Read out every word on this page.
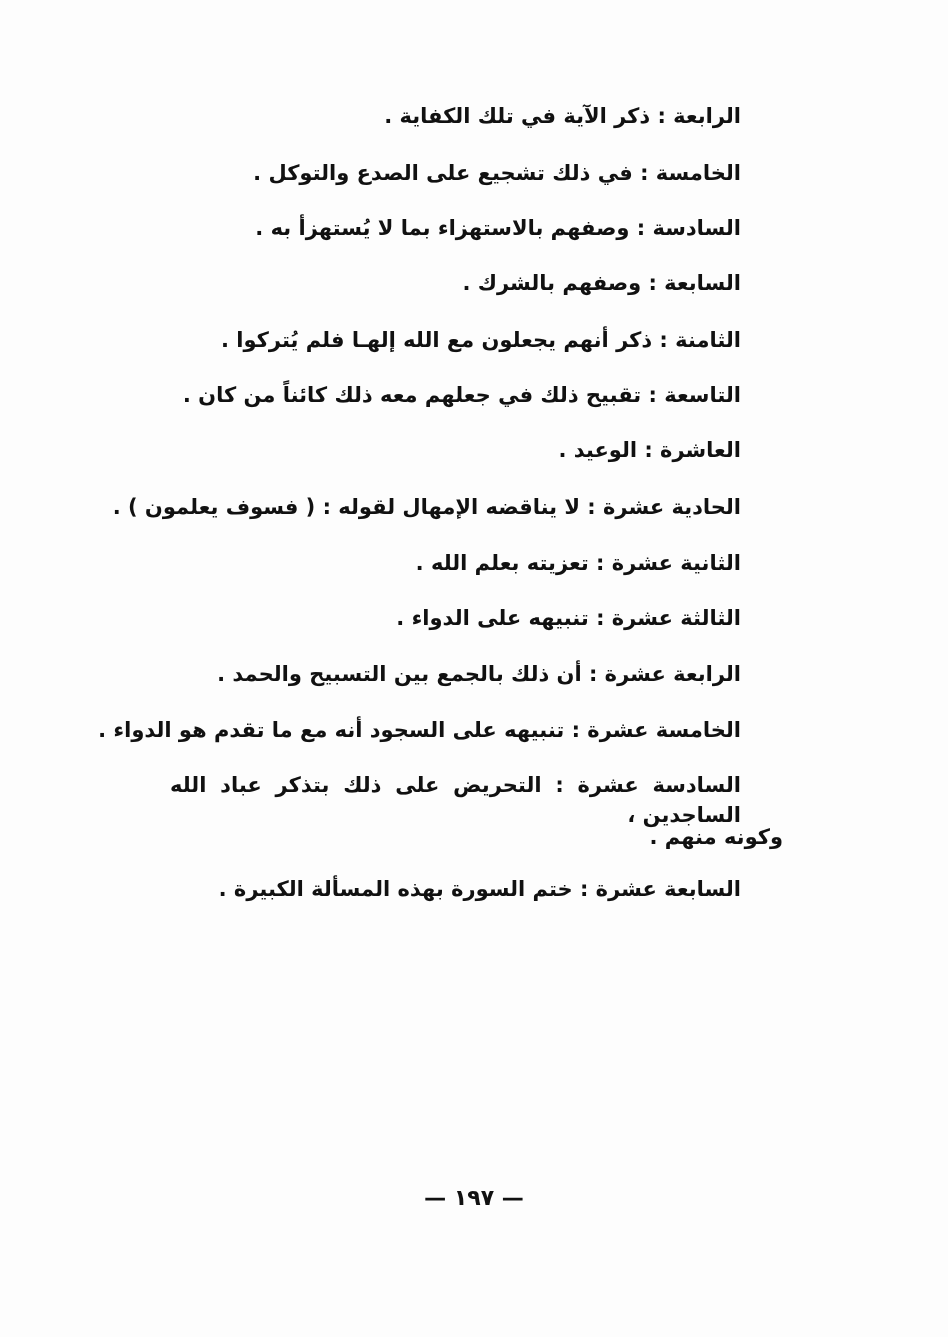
الرابعة : ذكر الآية في تلك الكفاية .
الخامسة : في ذلك تشجيع على الصدع والتوكل .
السادسة : وصفهم بالاستهزاء بما لا يُستهزأ به .
السابعة : وصفهم بالشرك .
الثامنة : ذكر أنهم يجعلون مع الله إلهـا فلم يُتركوا .
التاسعة : تقبيح ذلك في جعلهم معه ذلك كائناً من كان .
العاشرة : الوعيد .
الحادية عشرة : لا يناقضه الإمهال لقوله : ( فسوف يعلمون ) .
الثانية عشرة : تعزيته بعلم الله .
الثالثة عشرة : تنبيهه على الدواء .
الرابعة عشرة : أن ذلك بالجمع بين التسبيح والحمد .
الخامسة عشرة : تنبيهه على السجود أنه مع ما تقدم هو الدواء .
السادسة عشرة : التحريض على ذلك بتذكر عباد الله الساجدين ،
وكونه منهم .
السابعة عشرة : ختم السورة بهذه المسألة الكبيرة .
— ١٩٧ —
